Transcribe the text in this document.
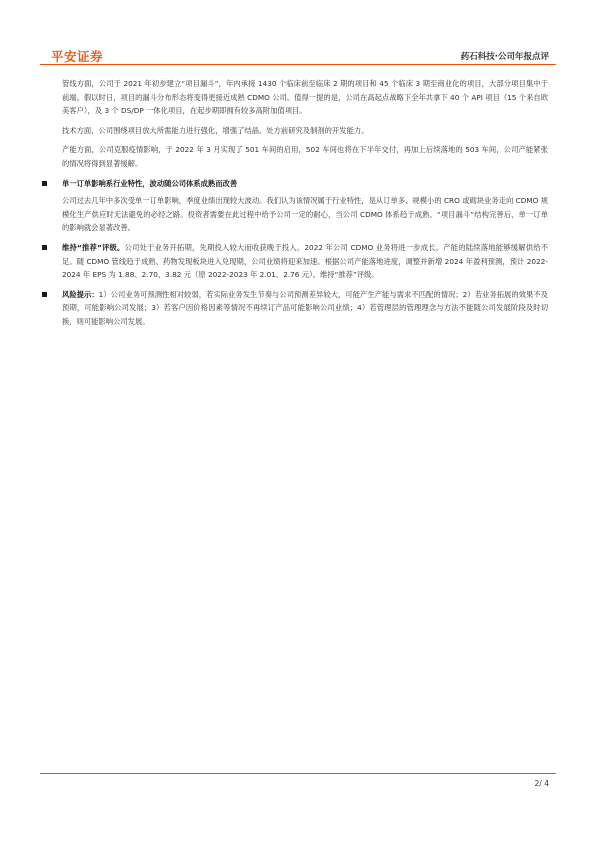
平安证券	药石科技·公司年报点评

管线方面，公司于 2021 年初步建立“项目漏斗”，年内承接 1430 个临床前至临床 2 期的项目和 45 个临床 3 期至商业化的项目，大部分项目集中于前端。假以时日，项目的漏斗分布形态将变得更接近成熟 CDMO 公司。值得一提的是，公司在高起点战略下全年共拿下 40 个 API 项目（15 个来自欧美客户），及 3 个 DS/DP 一体化项目，在起步期即拥有较多高附加值项目。

技术方面，公司围绕项目放大所需能力进行强化，增强了结晶、处方前研究及制剂的开发能力。

产能方面，公司克服疫情影响，于 2022 年 3 月实现了 501 车间的启用，502 车间也将在下半年交付，再加上后续落地的 503 车间，公司产能紧张的情况将得到显著缓解。

单一订单影响系行业特性，波动随公司体系成熟而改善

公司过去几年中多次受单一订单影响，季度业绩出现较大波动。我们认为该情况属于行业特性，是从订单多、规模小的 CRO 或砌块业务走向 CDMO 规模化生产供应时无法避免的必经之路。投资者需要在此过程中给予公司一定的耐心，当公司 CDMO 体系趋于成熟、“项目漏斗”结构完善后，单一订单的影响就会显著改善。

维持“推荐”评级。公司处于业务开拓期，先期投入较大而收获晚于投入。2022 年公司 CDMO 业务将进一步成长，产能的陆续落地能够缓解供给不足。随 CDMO 管线趋于成熟、药物发现板块进入兑现期，公司业绩将迎来加速。根据公司产能落地进度，调整并新增 2024 年盈利预测，预计 2022-2024 年 EPS 为 1.88、2.70、3.82 元（原 2022-2023 年 2.01、2.76 元）。维持“推荐”评级。

风险提示：1）公司业务可预测性相对较弱，若实际业务发生节奏与公司预测差异较大，可能产生产能与需求不匹配的情况；2）若业务拓展的效果不及预期，可能影响公司发展；3）若客户因价格因素等情况不再续订产品可能影响公司业绩；4）若管理层的管理理念与方法不能随公司发展阶段及时切换，则可能影响公司发展。

2/ 4
